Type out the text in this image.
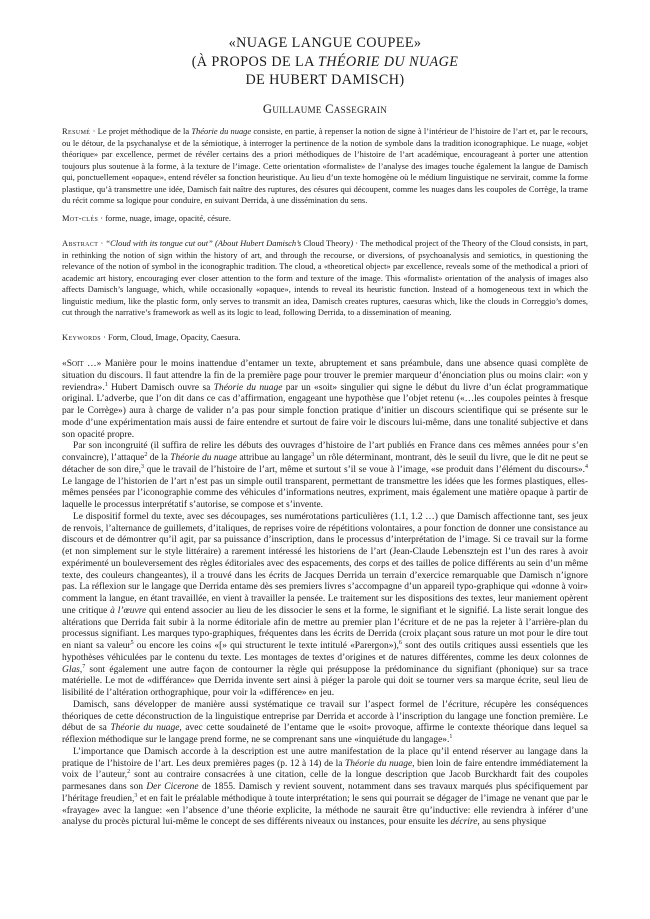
«NUAGE LANGUE COUPEE»
(À PROPOS DE LA THÉORIE DU NUAGE
DE HUBERT DAMISCH)
Guillaume Cassegrain
Resumé · Le projet méthodique de la Théorie du nuage consiste, en partie, à repenser la notion de signe à l’intérieur de l’histoire de l’art et, par le recours, ou le détour, de la psychanalyse et de la sémiotique, à interroger la pertinence de la notion de symbole dans la tradition iconographique. Le nuage, «objet théorique» par excellence, permet de révéler certains des a priori méthodiques de l’histoire de l’art académique, encourageant à porter une attention toujours plus soutenue à la forme, à la texture de l’image. Cette orientation «formaliste» de l’analyse des images touche également la langue de Damisch qui, ponctuellement «opaque», entend révéler sa fonction heuristique. Au lieu d’un texte homogène où le médium linguistique ne servirait, comme la forme plastique, qu’à transmettre une idée, Damisch fait naître des ruptures, des césures qui découpent, comme les nuages dans les coupoles de Corrège, la trame du récit comme sa logique pour conduire, en suivant Derrida, à une dissémination du sens.
Mot-clés · forme, nuage, image, opacité, césure.
Abstract · “Cloud with its tongue cut out” (About Hubert Damisch’s Cloud Theory) · The methodical project of the Theory of the Cloud consists, in part, in rethinking the notion of sign within the history of art, and through the recourse, or diversions, of psychoanalysis and semiotics, in questioning the relevance of the notion of symbol in the iconographic tradition. The cloud, a «theoretical object» par excellence, reveals some of the methodical a priori of academic art history, encouraging ever closer attention to the form and texture of the image. This «formalist» orientation of the analysis of images also affects Damisch’s language, which, while occasionally «opaque», intends to reveal its heuristic function. Instead of a homogeneous text in which the linguistic medium, like the plastic form, only serves to transmit an idea, Damisch creates ruptures, caesuras which, like the clouds in Correggio’s domes, cut through the narrative’s framework as well as its logic to lead, following Derrida, to a dissemination of meaning.
Keywords · Form, Cloud, Image, Opacity, Caesura.

«Soit …» Manière pour le moins inattendue d’entamer un texte, abruptement et sans préambule, dans une absence quasi complète de situation du discours. Il faut attendre la fin de la première page pour trouver le premier marqueur d’énonciation plus ou moins clair: «on y reviendra».$^1$ Hubert Damisch ouvre sa Théorie du nuage par un «soit» singulier qui signe le début du livre d’un éclat programmatique original. L’adverbe, que l’on dit dans ce cas d’affirmation, engageant une hypothèse que l’objet retenu («…les coupoles peintes à fresque par le Corrège») aura à charge de valider n’a pas pour simple fonction pratique d’initier un discours scientifique qui se présente sur le mode d’une expérimentation mais aussi de faire entendre et surtout de faire voir le discours lui-même, dans une tonalité subjective et dans son opacité propre.

Par son incongruité (il suffira de relire les débuts des ouvrages d’histoire de l’art publiés en France dans ces mêmes années pour s’en convaincre), l’attaque$^2$ de la Théorie du nuage attribue au langage$^3$ un rôle déterminant, montrant, dès le seuil du livre, que le dit ne peut se détacher de son dire,$^3$ que le travail de l’histoire de l’art, même et surtout s’il se voue à l’image, «se produit dans l’élément du discours».$^4$ Le langage de l’historien de l’art n’est pas un simple outil transparent, permettant de transmettre les idées que les formes plastiques, elles-mêmes pensées par l’iconographie comme des véhicules d’informations neutres, expriment, mais également une matière opaque à partir de laquelle le processus interprétatif s’autorise, se compose et s’invente.

Le dispositif formel du texte, avec ses découpages, ses numérotations particulières (1.1, 1.2 …) que Damisch affectionne tant, ses jeux de renvois, l’alternance de guillemets, d’italiques, de reprises voire de répétitions volontaires, a pour fonction de donner une consistance au discours et de démontrer qu’il agit, par sa puissance d’inscription, dans le processus d’interprétation de l’image. Si ce travail sur la forme (et non simplement sur le style littéraire) a rarement intéressé les historiens de l’art (Jean-Claude Lebensztejn est l’un des rares à avoir expérimenté un bouleversement des règles éditoriales avec des espacements, des corps et des tailles de police différents au sein d’un même texte, des couleurs changeantes), il a trouvé dans les écrits de Jacques Derrida un terrain d’exercice remarquable que Damisch n’ignore pas. La réflexion sur le langage que Derrida entame dès ses premiers livres s’accompagne d’un appareil typo-graphique qui «donne à voir» comment la langue, en étant travaillée, en vient à travailler la pensée. Le traitement sur les dispositions des textes, leur maniement opèrent une critique à l’œuvre qui entend associer au lieu de les dissocier le sens et la forme, le signifiant et le signifié. La liste serait longue des altérations que Derrida fait subir à la norme éditoriale afin de mettre au premier plan l’écriture et de ne pas la rejeter à l’arrière-plan du processus signifiant. Les marques typo-graphiques, fréquentes dans les écrits de Derrida (croix plaçant sous rature un mot pour le dire tout en niant sa valeur$^5$ ou encore les coins «[» qui structurent le texte intitulé «Parergon»),$^6$ sont des outils critiques aussi essentiels que les hypothèses véhiculées par le contenu du texte. Les montages de textes d’origines et de natures différentes, comme les deux colonnes de Glas,$^7$ sont également une autre façon de contourner la règle qui présuppose la prédominance du signifiant (phonique) sur sa trace matérielle. Le mot de «différance» que Derrida invente sert ainsi à piéger la parole qui doit se tourner vers sa marque écrite, seul lieu de lisibilité de l’altération orthographique, pour voir la «différence» en jeu.

Damisch, sans développer de manière aussi systématique ce travail sur l’aspect formel de l’écriture, récupère les conséquences théoriques de cette déconstruction de la linguistique entreprise par Derrida et accorde à l’inscription du langage une fonction première. Le début de sa Théorie du nuage, avec cette soudaineté de l’entame que le «soit» provoque, affirme le contexte théorique dans lequel sa réflexion méthodique sur le langage prend forme, ne se comprenant sans une «inquiétude du langage».$^1$

L’importance que Damisch accorde à la description est une autre manifestation de la place qu’il entend réserver au langage dans la pratique de l’histoire de l’art. Les deux premières pages (p. 12 à 14) de la Théorie du nuage, bien loin de faire entendre immédiatement la voix de l’auteur,$^2$ sont au contraire consacrées à une citation, celle de la longue description que Jacob Burckhardt fait des coupoles parmesanes dans son Der Cicerone de 1855. Damisch y revient souvent, notamment dans ses travaux marqués plus spécifiquement par l’héritage freudien,$^3$ et en fait le préalable méthodique à toute interprétation; le sens qui pourrait se dégager de l’image ne venant que par le «frayage» avec la langue: «en l’absence d’une théorie explicite, la méthode ne saurait être qu’inductive: elle reviendra à inférer d’une analyse du procès pictural lui-même le concept de ses différents niveaux ou instances, pour ensuite les décrire, au sens physique
